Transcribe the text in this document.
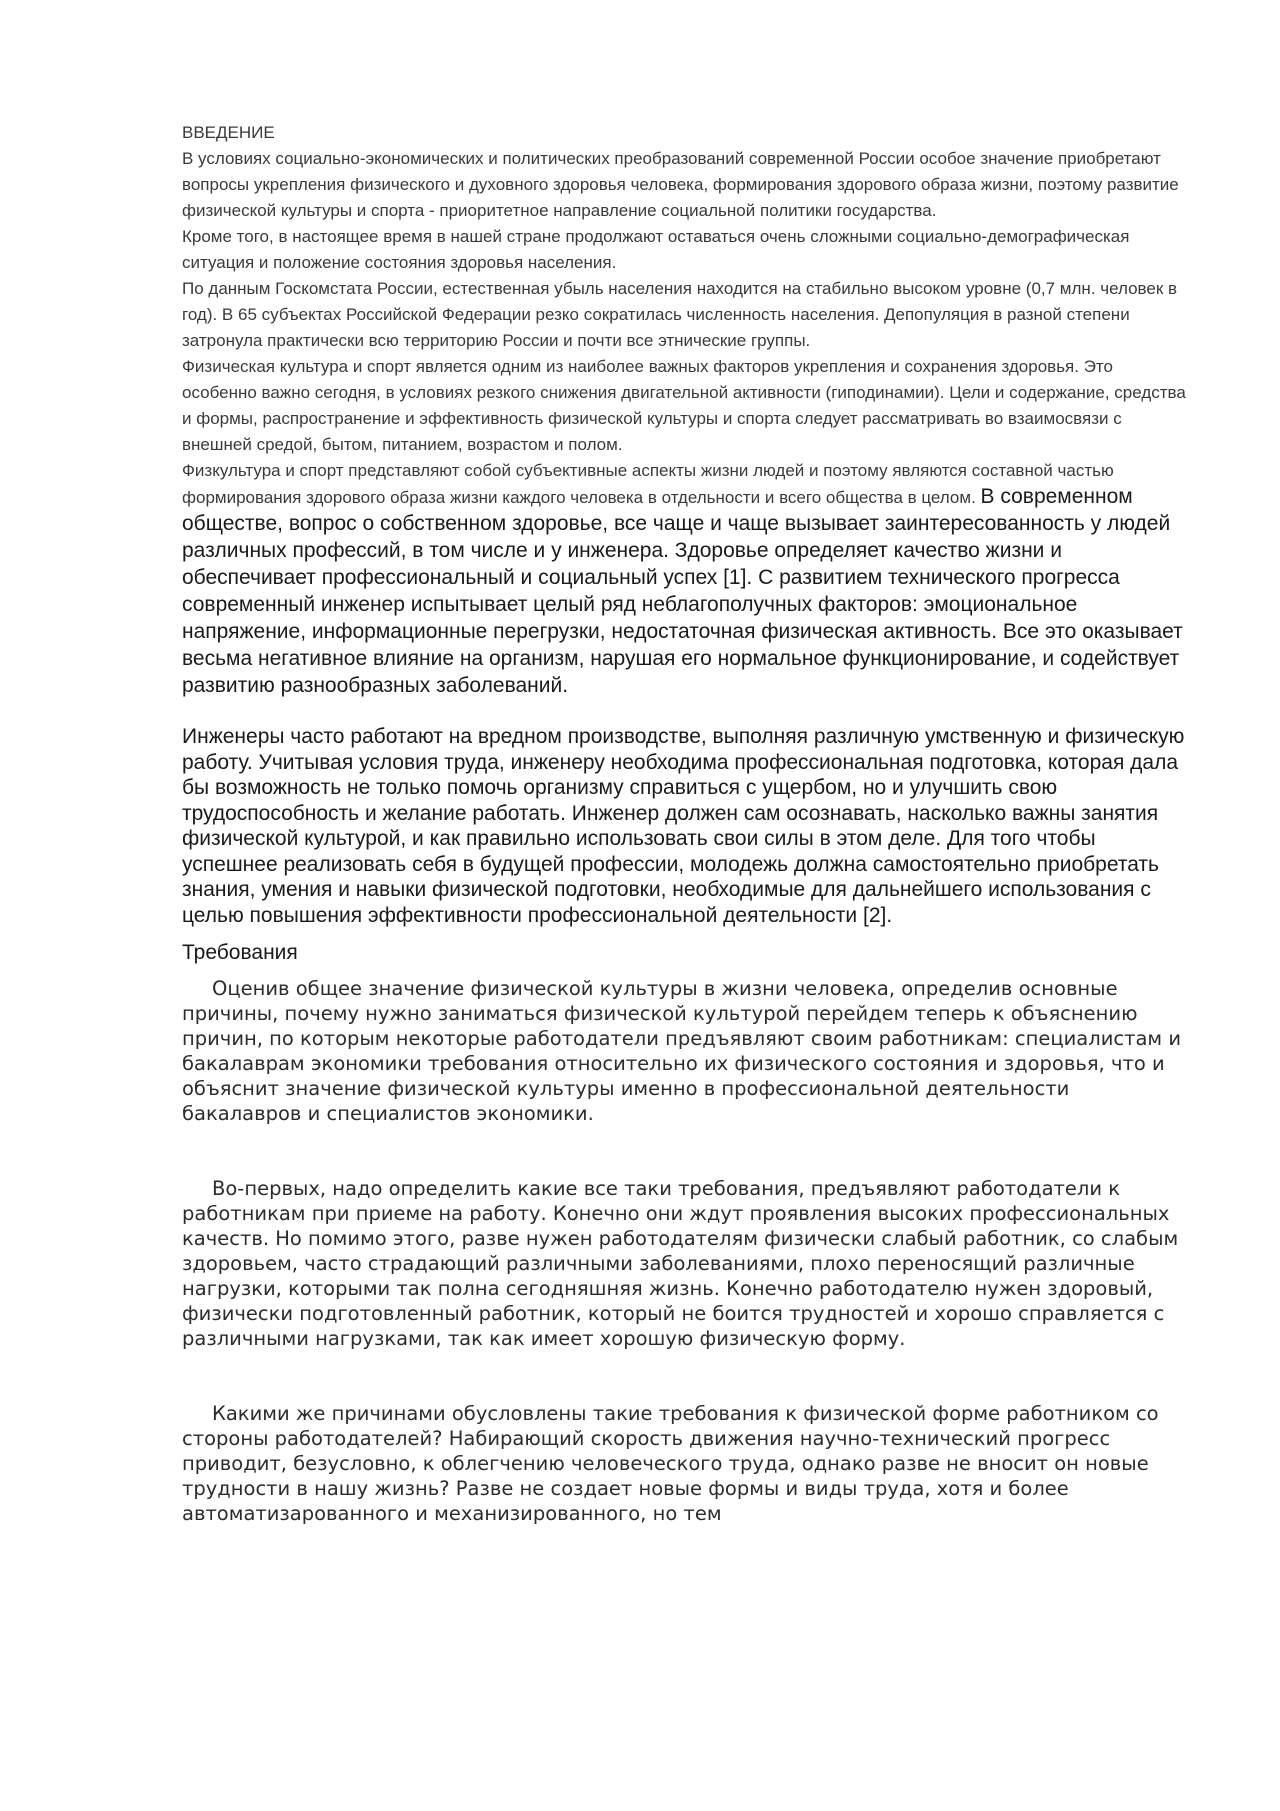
ВВЕДЕНИЕ

В условиях социально-экономических и политических преобразований современной России особое значение приобретают вопросы укрепления физического и духовного здоровья человека, формирования здорового образа жизни, поэтому развитие физической культуры и спорта - приоритетное направление социальной политики государства.

Кроме того, в настоящее время в нашей стране продолжают оставаться очень сложными социально-демографическая ситуация и положение состояния здоровья населения.

По данным Госкомстата России, естественная убыль населения находится на стабильно высоком уровне (0,7 млн. человек в год). В 65 субъектах Российской Федерации резко сократилась численность населения. Депопуляция в разной степени затронула практически всю территорию России и почти все этнические группы.

Физическая культура и спорт является одним из наиболее важных факторов укрепления и сохранения здоровья. Это особенно важно сегодня, в условиях резкого снижения двигательной активности (гиподинамии). Цели и содержание, средства и формы, распространение и эффективность физической культуры и спорта следует рассматривать во взаимосвязи с внешней средой, бытом, питанием, возрастом и полом.

Физкультура и спорт представляют собой субъективные аспекты жизни людей и поэтому являются составной частью формирования здорового образа жизни каждого человека в отдельности и всего общества в целом. В современном обществе, вопрос о собственном здоровье, все чаще и чаще вызывает заинтересованность у людей различных профессий, в том числе и у инженера. Здоровье определяет качество жизни и обеспечивает профессиональный и социальный успех [1]. С развитием технического прогресса современный инженер испытывает целый ряд неблагополучных факторов: эмоциональное напряжение, информационные перегрузки, недостаточная физическая активность. Все это оказывает весьма негативное влияние на организм, нарушая его нормальное функционирование, и содействует развитию разнообразных заболеваний.

Инженеры часто работают на вредном производстве, выполняя различную умственную и физическую работу. Учитывая условия труда, инженеру необходима профессиональная подготовка, которая дала бы возможность не только помочь организму справиться с ущербом, но и улучшить свою трудоспособность и желание работать. Инженер должен сам осознавать, насколько важны занятия физической культурой, и как правильно использовать свои силы в этом деле. Для того чтобы успешнее реализовать себя в будущей профессии, молодежь должна самостоятельно приобретать знания, умения и навыки физической подготовки, необходимые для дальнейшего использования с целью повышения эффективности профессиональной деятельности [2].

Требования

Оценив общее значение физической культуры в жизни человека, определив основные причины, почему нужно заниматься физической культурой перейдем теперь к объяснению причин, по которым некоторые работодатели предъявляют своим работникам: специалистам и бакалаврам экономики требования относительно их физического состояния и здоровья, что и объяснит значение физической культуры именно в профессиональной деятельности бакалавров и специалистов экономики.

Во-первых, надо определить какие все таки требования, предъявляют работодатели к работникам при приеме на работу. Конечно они ждут проявления высоких профессиональных качеств. Но помимо этого, разве нужен работодателям физически слабый работник, со слабым здоровьем, часто страдающий различными заболеваниями, плохо переносящий различные нагрузки, которыми так полна сегодняшняя жизнь. Конечно работодателю нужен здоровый, физически подготовленный работник, который не боится трудностей и хорошо справляется с различными нагрузками, так как имеет хорошую физическую форму.

Какими же причинами обусловлены такие требования к физической форме работником со стороны работодателей? Набирающий скорость движения научно-технический прогресс приводит, безусловно, к облегчению человеческого труда, однако разве не вносит он новые трудности в нашу жизнь? Разве не создает новые формы и виды труда, хотя и более автоматизарованного и механизированного, но тем
